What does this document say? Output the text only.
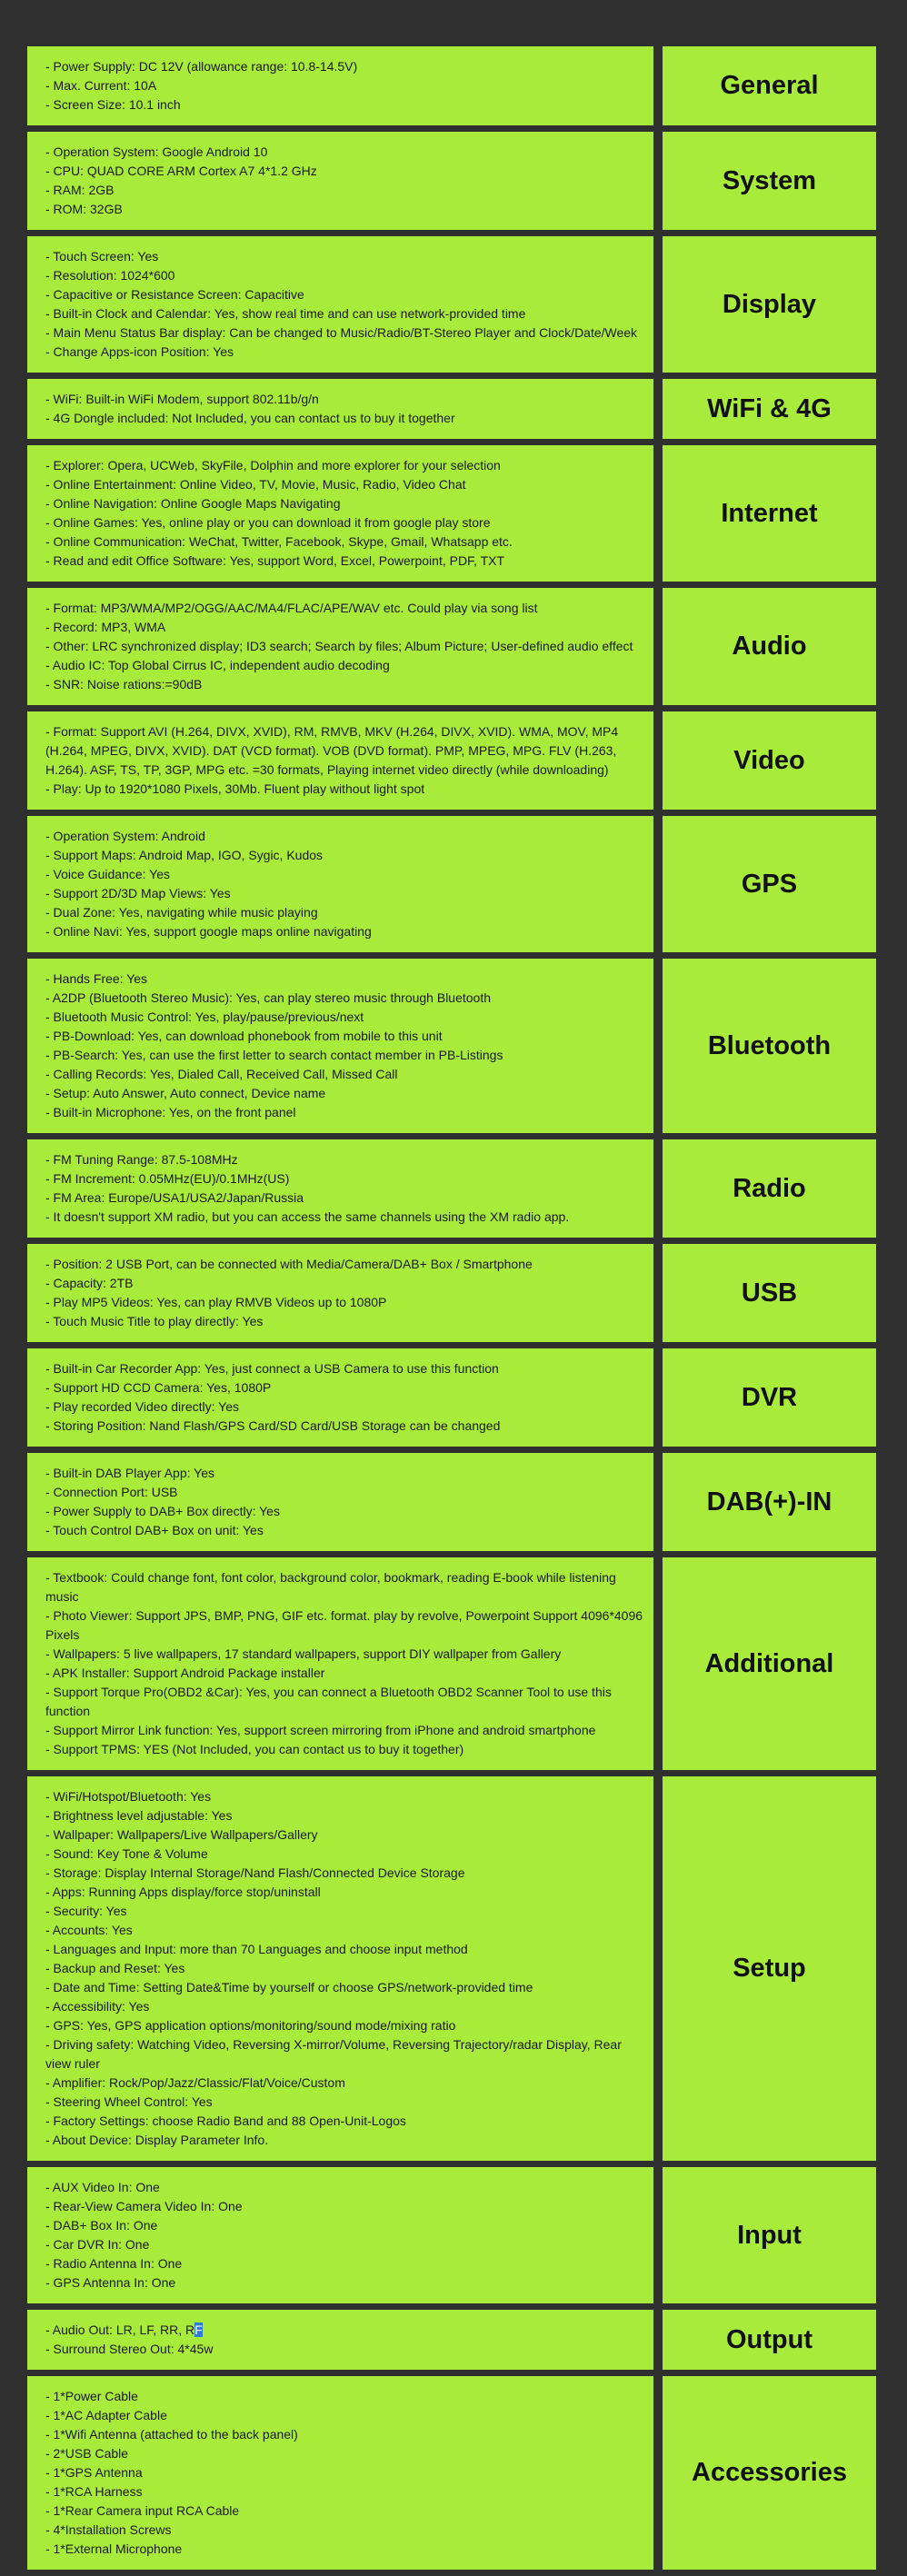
- Power Supply: DC 12V (allowance range: 10.8-14.5V)
- Max. Current: 10A
- Screen Size: 10.1 inch
General
- Operation System: Google Android 10
- CPU: QUAD CORE ARM Cortex A7 4*1.2 GHz
- RAM: 2GB
- ROM: 32GB
System
- Touch Screen: Yes
- Resolution: 1024*600
- Capacitive or Resistance Screen: Capacitive
- Built-in Clock and Calendar: Yes, show real time and can use network-provided time
- Main Menu Status Bar display: Can be changed to Music/Radio/BT-Stereo Player and Clock/Date/Week
- Change Apps-icon Position: Yes
Display
- WiFi: Built-in WiFi Modem, support 802.11b/g/n
- 4G Dongle included: Not Included, you can contact us to buy it together	WiFi & 4G
- Explorer: Opera, UCWeb, SkyFile, Dolphin and more explorer for your selection
- Online Entertainment: Online Video, TV, Movie, Music, Radio, Video Chat
- Online Navigation: Online Google Maps Navigating
- Online Games: Yes, online play or you can download it from google play store
- Online Communication: WeChat, Twitter, Facebook, Skype, Gmail, Whatsapp etc.
- Read and edit Office Software: Yes, support Word, Excel, Powerpoint, PDF, TXT
Internet
- Format: MP3/WMA/MP2/OGG/AAC/MA4/FLAC/APE/WAV etc. Could play via song list
- Record: MP3, WMA
- Other: LRC synchronized display; ID3 search; Search by files; Album Picture; User-defined audio effect
- Audio IC: Top Global Cirrus IC, independent audio decoding
- SNR: Noise rations:=90dB
Audio
- Format: Support AVI (H.264, DIVX, XVID), RM, RMVB, MKV (H.264, DIVX, XVID). WMA, MOV, MP4 (H.264, MPEG, DIVX, XVID). DAT (VCD format). VOB (DVD format). PMP, MPEG, MPG. FLV (H.263, H.264). ASF, TS, TP, 3GP, MPG etc. =30 formats, Playing internet video directly (while downloading)
- Play: Up to 1920*1080 Pixels, 30Mb. Fluent play without light spot
Video
- Operation System: Android
- Support Maps: Android Map, IGO, Sygic, Kudos
- Voice Guidance: Yes
- Support 2D/3D Map Views: Yes
- Dual Zone: Yes, navigating while music playing
- Online Navi: Yes, support google maps online navigating
GPS
- Hands Free: Yes
- A2DP (Bluetooth Stereo Music): Yes, can play stereo music through Bluetooth
- Bluetooth Music Control: Yes, play/pause/previous/next
- PB-Download: Yes, can download phonebook from mobile to this unit
- PB-Search: Yes, can use the first letter to search contact member in PB-Listings
- Calling Records: Yes, Dialed Call, Received Call, Missed Call
- Setup: Auto Answer, Auto connect, Device name
- Built-in Microphone: Yes, on the front panel
Bluetooth
- FM Tuning Range: 87.5-108MHz
- FM Increment: 0.05MHz(EU)/0.1MHz(US)
- FM Area: Europe/USA1/USA2/Japan/Russia
- It doesn't support XM radio, but you can access the same channels using the XM radio app.
Radio
- Position: 2 USB Port, can be connected with Media/Camera/DAB+ Box / Smartphone
- Capacity: 2TB
- Play MP5 Videos: Yes, can play RMVB Videos up to 1080P
- Touch Music Title to play directly: Yes
USB
- Built-in Car Recorder App: Yes, just connect a USB Camera to use this function
- Support HD CCD Camera: Yes, 1080P
- Play recorded Video directly: Yes
- Storing Position: Nand Flash/GPS Card/SD Card/USB Storage can be changed
DVR
- Built-in DAB Player App: Yes
- Connection Port: USB
- Power Supply to DAB+ Box directly: Yes
- Touch Control DAB+ Box on unit: Yes
DAB(+)-IN
- Textbook: Could change font, font color, background color, bookmark, reading E-book while listening music
- Photo Viewer: Support JPS, BMP, PNG, GIF etc. format. play by revolve, Powerpoint Support 4096*4096 Pixels
- Wallpapers: 5 live wallpapers, 17 standard wallpapers, support DIY wallpaper from Gallery
- APK Installer: Support Android Package installer
- Support Torque Pro(OBD2 &Car): Yes, you can connect a Bluetooth OBD2 Scanner Tool to use this function
- Support Mirror Link function: Yes, support screen mirroring from iPhone and android smartphone
- Support TPMS: YES (Not Included, you can contact us to buy it together)
Additional
- WiFi/Hotspot/Bluetooth: Yes
- Brightness level adjustable: Yes
- Wallpaper: Wallpapers/Live Wallpapers/Gallery
- Sound: Key Tone & Volume
- Storage: Display Internal Storage/Nand Flash/Connected Device Storage
- Apps: Running Apps display/force stop/uninstall
- Security: Yes
- Accounts: Yes
- Languages and Input: more than 70 Languages and choose input method
- Backup and Reset: Yes
- Date and Time: Setting Date&Time by yourself or choose GPS/network-provided time
- Accessibility: Yes
- GPS: Yes, GPS application options/monitoring/sound mode/mixing ratio
- Driving safety: Watching Video, Reversing X-mirror/Volume, Reversing Trajectory/radar Display, Rear view ruler
- Amplifier: Rock/Pop/Jazz/Classic/Flat/Voice/Custom
- Steering Wheel Control: Yes
- Factory Settings: choose Radio Band and 88 Open-Unit-Logos
- About Device: Display Parameter Info.
Setup
- AUX Video In: One
- Rear-View Camera Video In: One
- DAB+ Box In: One
- Car DVR In: One
- Radio Antenna In: One
- GPS Antenna In: One
Input
- Audio Out: LR, LF, RR, RF
- Surround Stereo Out: 4*45w	Output
- 1*Power Cable
- 1*AC Adapter Cable
- 1*Wifi Antenna (attached to the back panel)
- 2*USB Cable
- 1*GPS Antenna
- 1*RCA Harness
- 1*Rear Camera input RCA Cable
- 4*Installation Screws
- 1*External Microphone
Accessories
